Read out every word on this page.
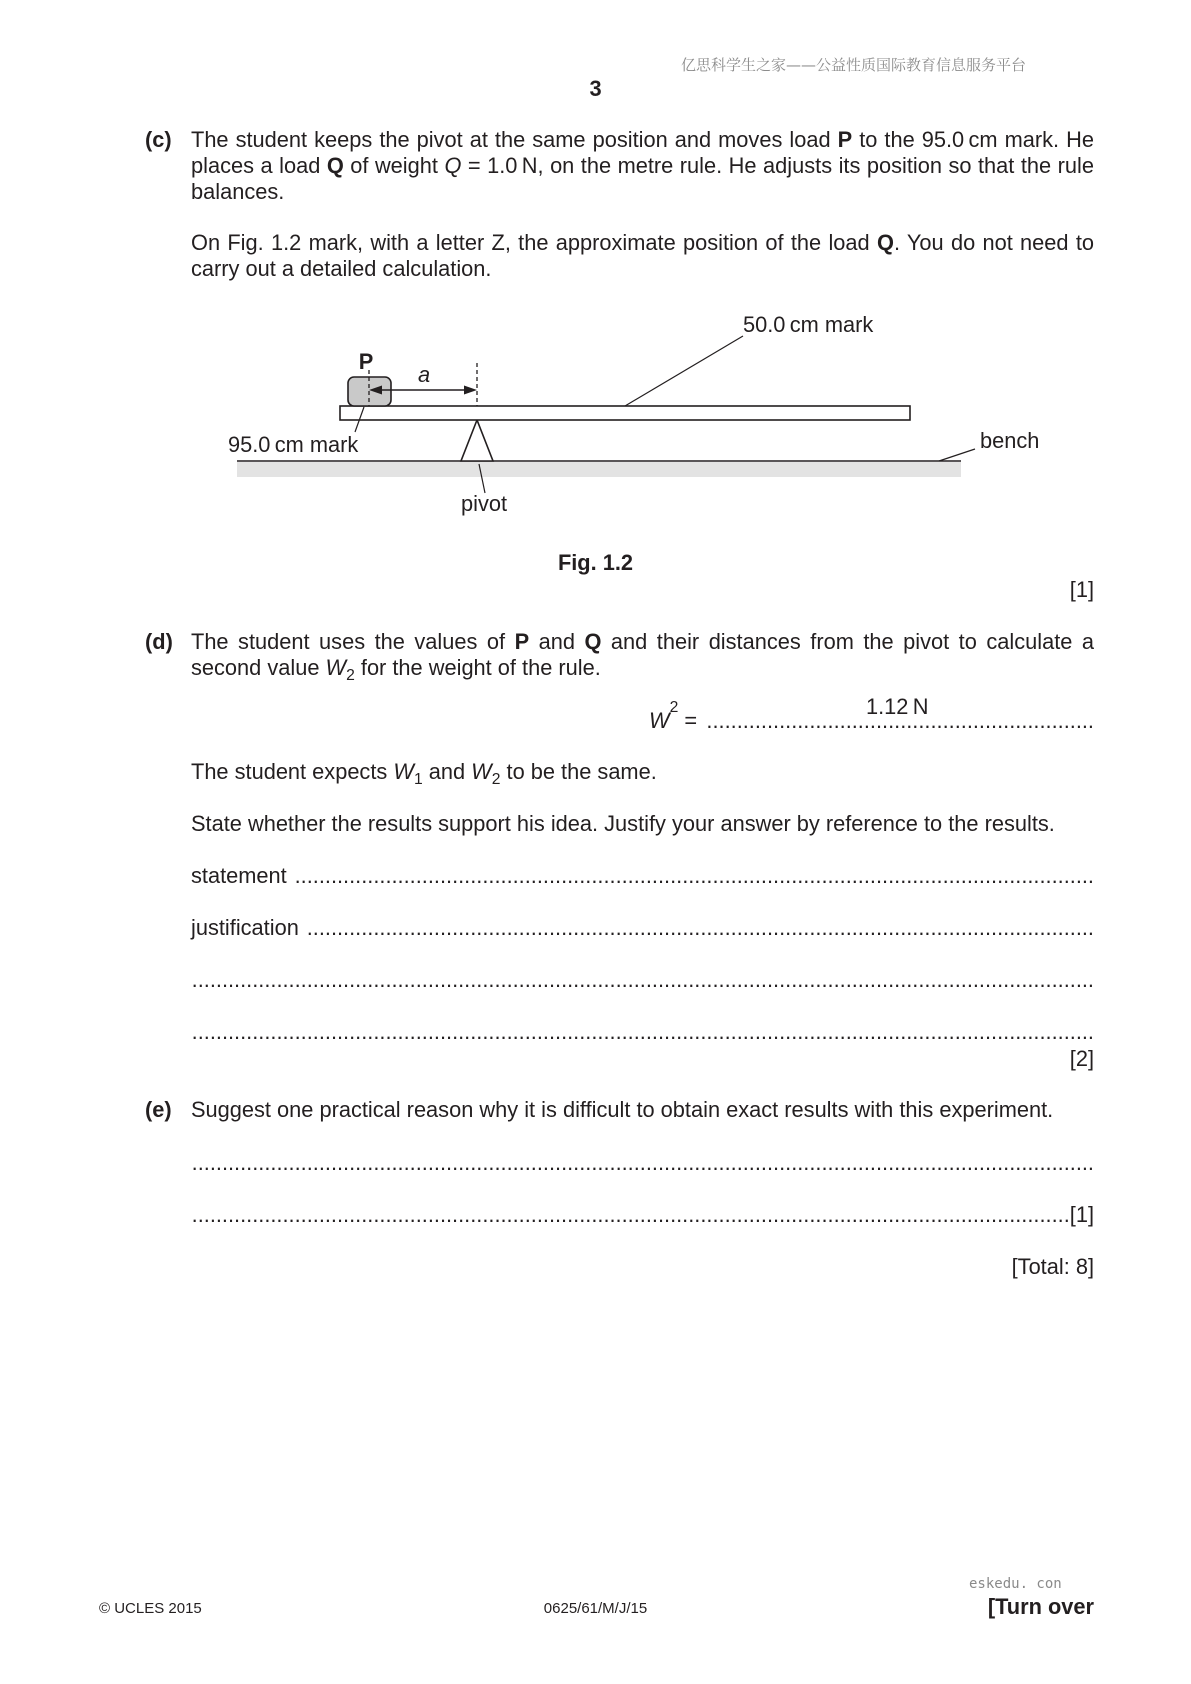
亿思科学生之家——公益性质国际教育信息服务平台
3
(c) The student keeps the pivot at the same position and moves load P to the 95.0 cm mark. He
places a load Q of weight Q = 1.0 N, on the metre rule. He adjusts its position so that the rule
balances.
On Fig. 1.2 mark, with a letter Z, the approximate position of the load Q. You do not need to
carry out a detailed calculation.
50.0 cm mark
P
a
95.0 cm mark	bench
pivot
Fig. 1.2
[1]
(d) The student uses the values of P and Q and their distances from the pivot to calculate a
second value $W_2$ for the weight of the rule.
1.12 N
W
2
=
.....
The student expects $W_1$ and $W_2$ to be the same.
State whether the results support his idea. Justify your answer by reference to the results.
statement
.....
justification
.....
.....
.....
[2]
(e) Suggest one practical reason why it is difficult to obtain exact results with this experiment.
.....
.....
[1]
[Total: 8]
eskedu. con
© UCLES 2015	0625/61/M/J/15	[Turn over
